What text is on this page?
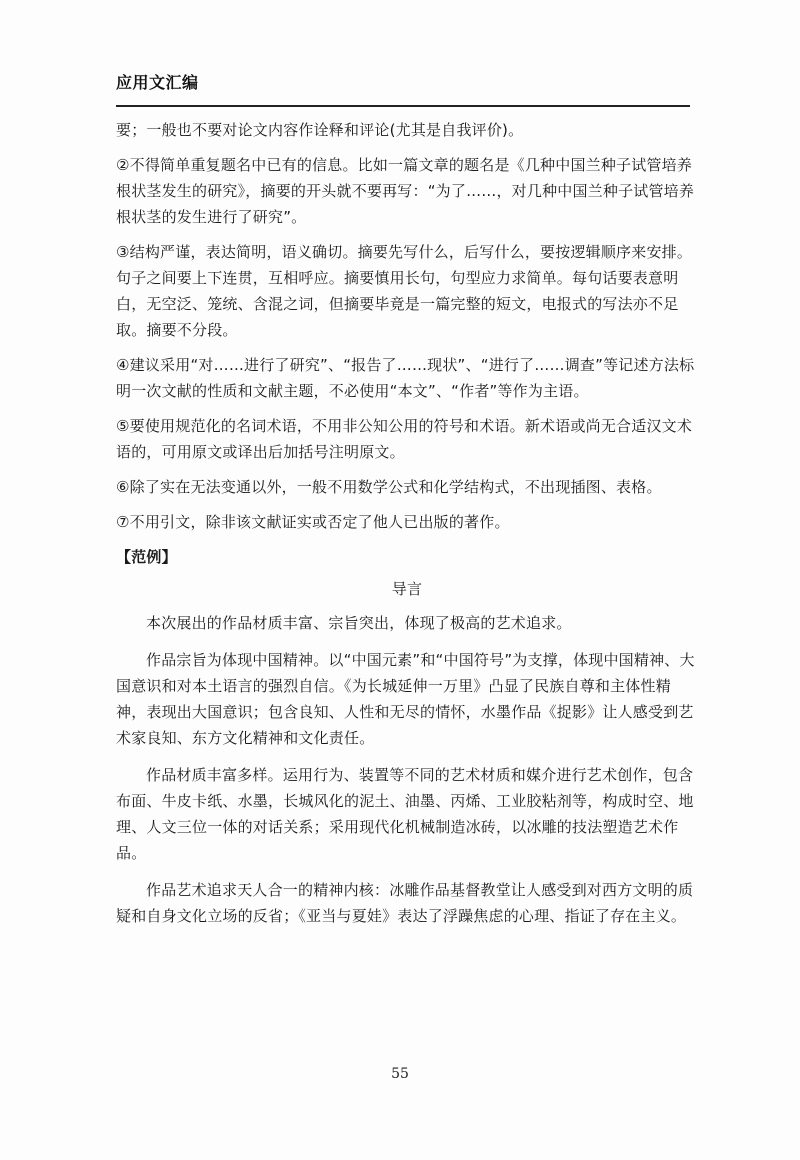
应用文汇编

要；一般也不要对论文内容作诠释和评论(尤其是自我评价)。

②不得简单重复题名中已有的信息。比如一篇文章的题名是《几种中国兰种子试管培养根状茎发生的研究》，摘要的开头就不要再写：“为了……，对几种中国兰种子试管培养根状茎的发生进行了研究”。

③结构严谨，表达简明，语义确切。摘要先写什么，后写什么，要按逻辑顺序来安排。句子之间要上下连贯，互相呼应。摘要慎用长句，句型应力求简单。每句话要表意明白，无空泛、笼统、含混之词，但摘要毕竟是一篇完整的短文，电报式的写法亦不足取。摘要不分段。

④建议采用“对……进行了研究”、“报告了……现状”、“进行了……调查”等记述方法标明一次文献的性质和文献主题，不必使用“本文”、“作者”等作为主语。

⑤要使用规范化的名词术语，不用非公知公用的符号和术语。新术语或尚无合适汉文术语的，可用原文或译出后加括号注明原文。

⑥除了实在无法变通以外，一般不用数学公式和化学结构式，不出现插图、表格。

⑦不用引文，除非该文献证实或否定了他人已出版的著作。

【范例】
导言

本次展出的作品材质丰富、宗旨突出，体现了极高的艺术追求。

作品宗旨为体现中国精神。以“中国元素”和“中国符号”为支撑，体现中国精神、大国意识和对本土语言的强烈自信。《为长城延伸一万里》凸显了民族自尊和主体性精神，表现出大国意识；包含良知、人性和无尽的情怀，水墨作品《捉影》让人感受到艺术家良知、东方文化精神和文化责任。

作品材质丰富多样。运用行为、装置等不同的艺术材质和媒介进行艺术创作，包含布面、牛皮卡纸、水墨，长城风化的泥土、油墨、丙烯、工业胶粘剂等，构成时空、地理、人文三位一体的对话关系；采用现代化机械制造冰砖，以冰雕的技法塑造艺术作品。

作品艺术追求天人合一的精神内核：冰雕作品基督教堂让人感受到对西方文明的质疑和自身文化立场的反省；《亚当与夏娃》表达了浮躁焦虑的心理、指证了存在主义。

55
